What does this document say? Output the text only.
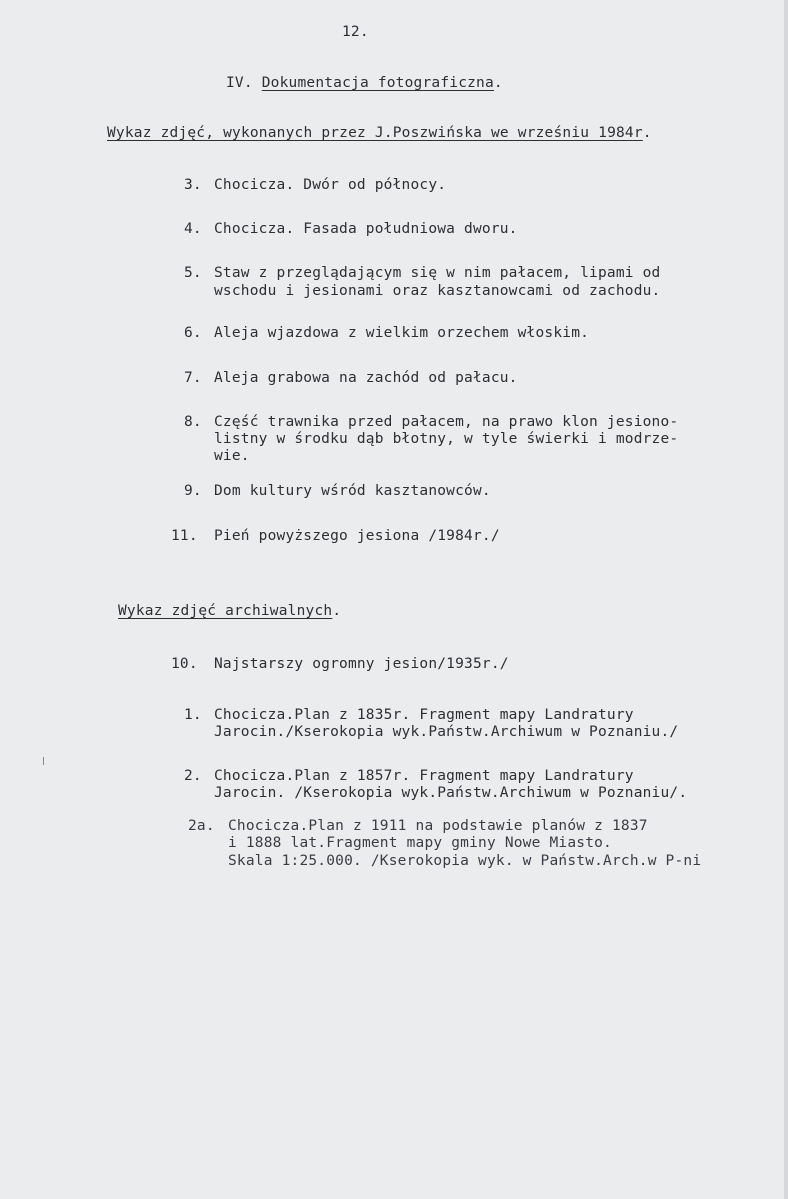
12.
IV. Dokumentacja fotograficzna.
Wykaz zdjęć, wykonanych przez J.Poszwińska we wrześniu 1984r.
3. Chocicza. Dwór od północy.
4. Chocicza. Fasada południowa dworu.
5. Staw z przeglądającym się w nim pałacem, lipami od
wschodu i jesionami oraz kasztanowcami od zachodu.
6. Aleja wjazdowa z wielkim orzechem włoskim.
7. Aleja grabowa na zachód od pałacu.
8. Część trawnika przed pałacem, na prawo klon jesiono-
listny w środku dąb błotny, w tyle świerki i modrze-
wie.
9. Dom kultury wśród kasztanowców.
11. Pień powyższego jesiona /1984r./
Wykaz zdjęć archiwalnych.
10. Najstarszy ogromny jesion/1935r./
1. Chocicza.Plan z 1835r. Fragment mapy Landratury
Jarocin./Kserokopia wyk.Państw.Archiwum w Poznaniu./
2. Chocicza.Plan z 1857r. Fragment mapy Landratury
Jarocin. /Kserokopia wyk.Państw.Archiwum w Poznaniu/.
2a. Chocicza.Plan z 1911 na podstawie planów z 1837
i 1888 lat.Fragment mapy gminy Nowe Miasto.
Skala 1:25.000. /Kserokopia wyk. w Państw.Arch.w P-ni
